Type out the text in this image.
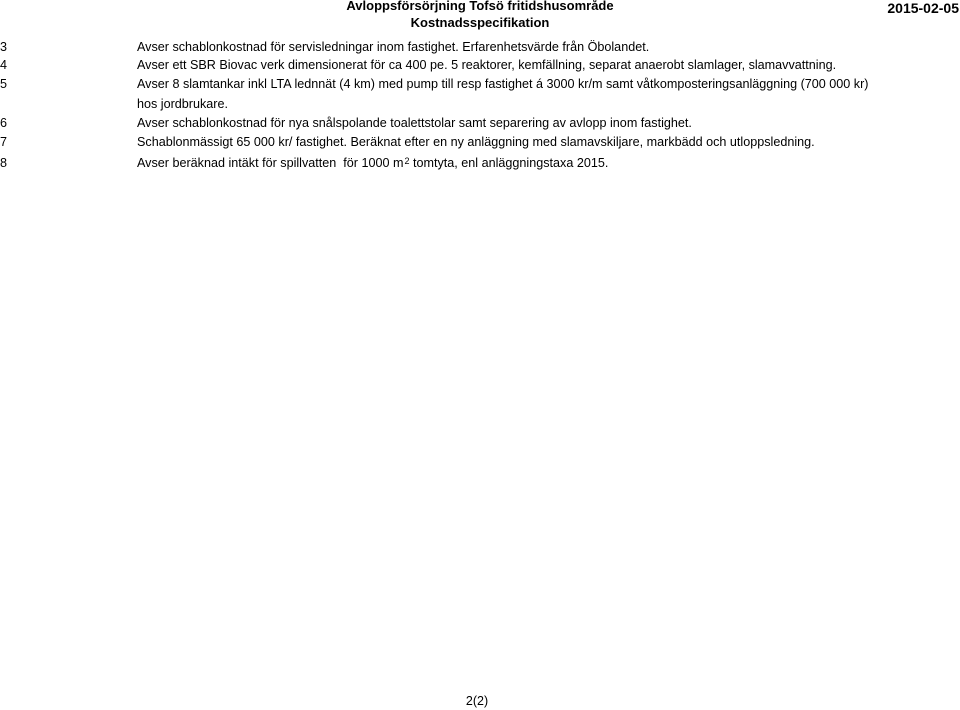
Avloppsförsörjning Tofsö fritidshusområde
Kostnadsspecifikation
2015-02-05
3	Avser schablonkostnad för servisledningar inom fastighet. Erfarenhetsvärde från Öbolandet.
4	Avser ett SBR Biovac verk dimensionerat för ca 400 pe. 5 reaktorer, kemfällning, separat anaerobt slamlager, slamavvattning.
5	Avser 8 slamtankar inkl LTA lednnät (4 km) med pump till resp fastighet á 3000 kr/m samt våtkomposteringsanläggning (700 000 kr)
hos jordbrukare.
6	Avser schablonkostnad för nya snålspolande toalettstolar samt separering av avlopp inom fastighet.
7	Schablonmässigt 65 000 kr/ fastighet. Beräknat efter en ny anläggning med slamavskiljare, markbädd och utloppsledning.
8	Avser beräknad intäkt för spillvatten  för 1000 $m^2$ tomtyta, enl anläggningstaxa 2015.
2(2)
